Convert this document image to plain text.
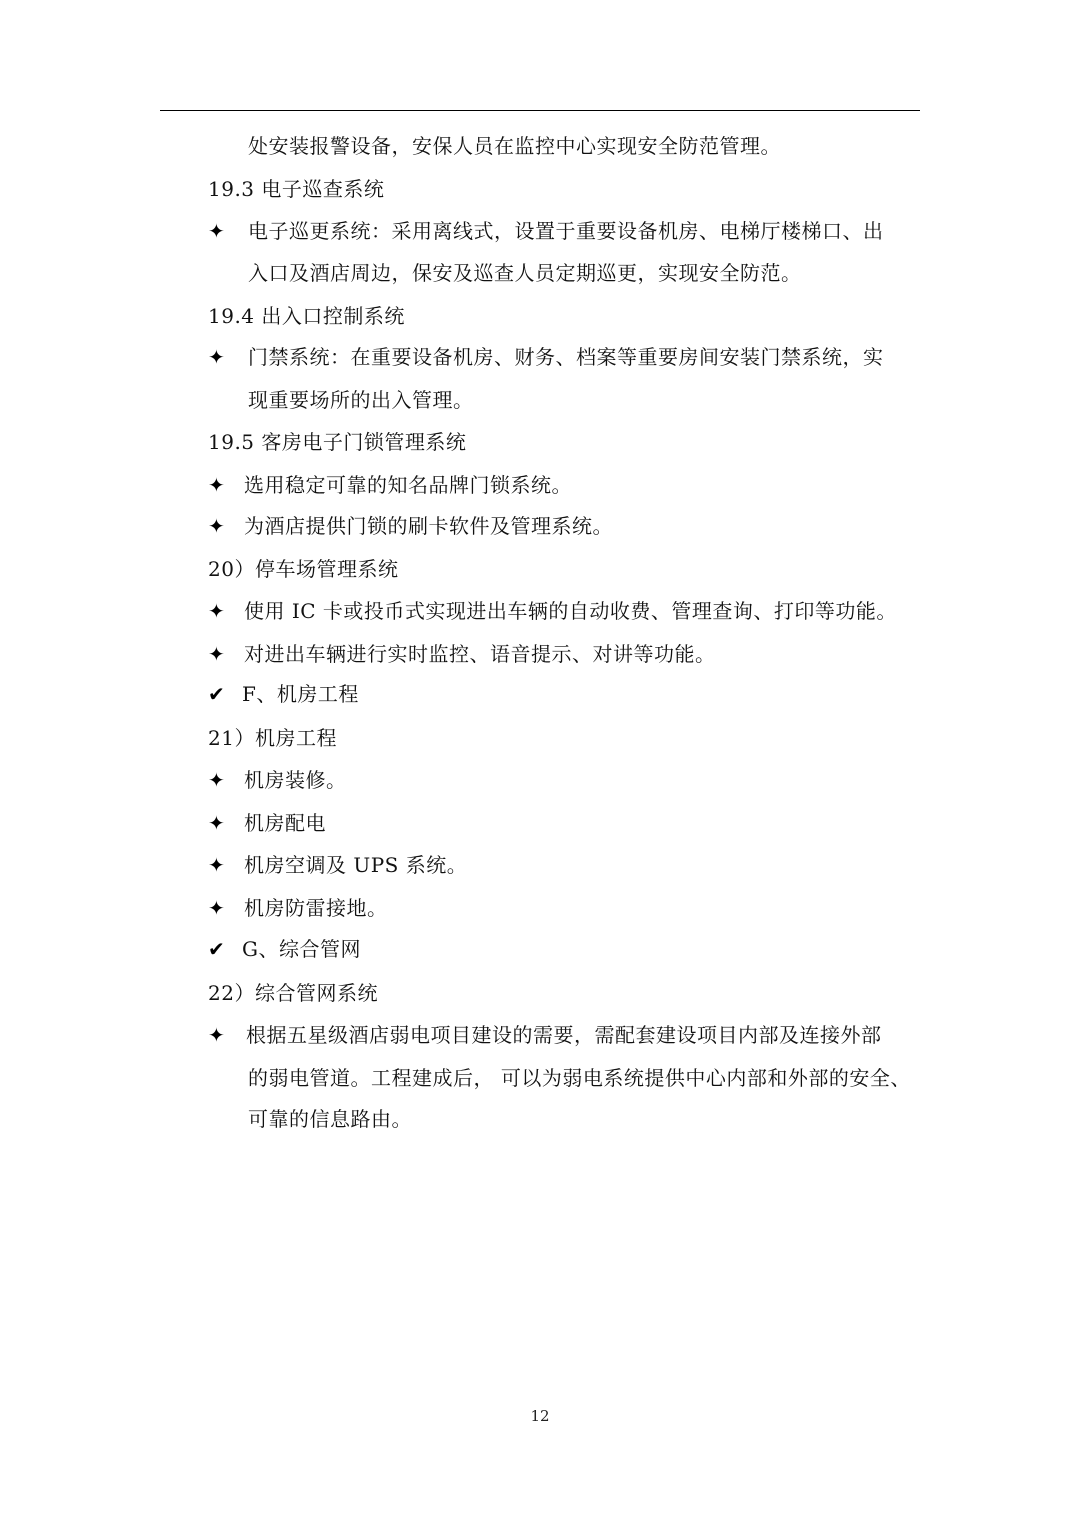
处安装报警设备，安保人员在监控中心实现安全防范管理。
19.3 电子巡查系统
✦ 电子巡更系统：采用离线式，设置于重要设备机房、电梯厅楼梯口、出
入口及酒店周边，保安及巡查人员定期巡更，实现安全防范。
19.4 出入口控制系统
✦ 门禁系统：在重要设备机房、财务、档案等重要房间安装门禁系统，实
现重要场所的出入管理。
19.5 客房电子门锁管理系统
✦ 选用稳定可靠的知名品牌门锁系统。
✦ 为酒店提供门锁的刷卡软件及管理系统。
20）停车场管理系统
✦ 使用 IC 卡或投币式实现进出车辆的自动收费、管理查询、打印等功能。
✦ 对进出车辆进行实时监控、语音提示、对讲等功能。
✔ F、机房工程
21）机房工程
✦ 机房装修。
✦ 机房配电
✦ 机房空调及 UPS 系统。
✦ 机房防雷接地。
✔ G、综合管网
22）综合管网系统
✦ 根据五星级酒店弱电项目建设的需要，需配套建设项目内部及连接外部
的弱电管道。工程建成后， 可以为弱电系统提供中心内部和外部的安全、
可靠的信息路由。
12
